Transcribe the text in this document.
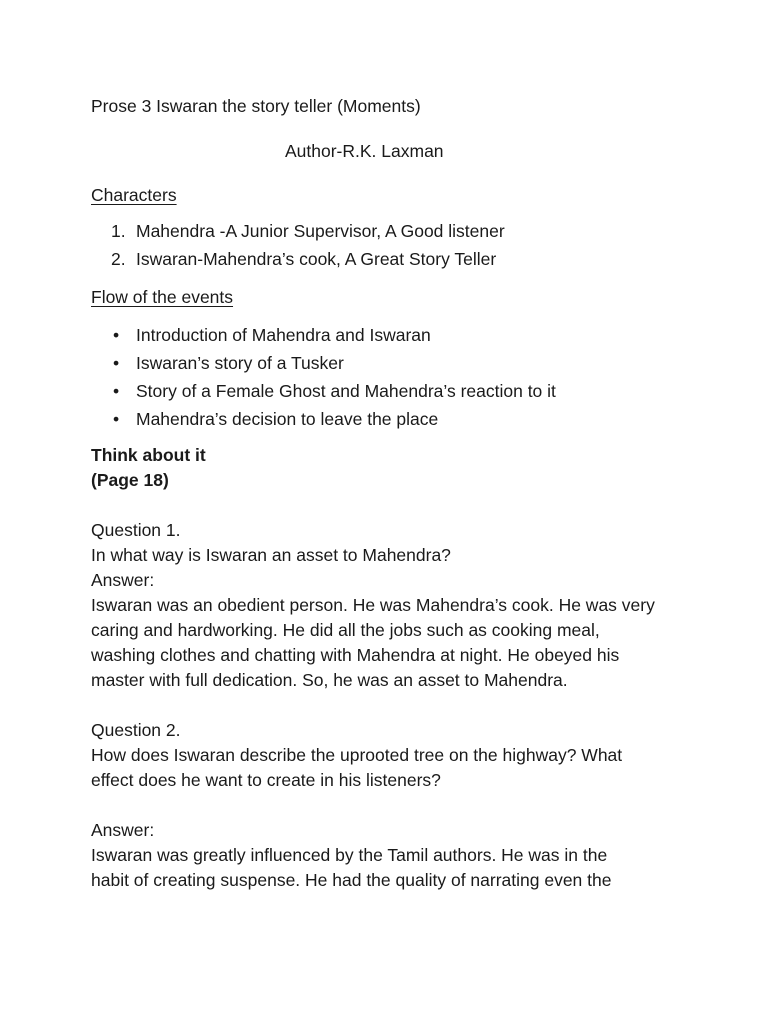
Prose 3 Iswaran the story teller (Moments)

Author-R.K. Laxman

Characters

1. Mahendra -A Junior Supervisor, A Good listener
2. Iswaran-Mahendra’s cook, A Great Story Teller

Flow of the events

• Introduction of Mahendra and Iswaran
• Iswaran’s story of a Tusker
• Story of a Female Ghost and Mahendra’s reaction to it
• Mahendra’s decision to leave the place
Think about it
(Page 18)

Question 1.

In what way is Iswaran an asset to Mahendra?

Answer:

Iswaran was an obedient person. He was Mahendra’s cook. He was very

caring and hardworking. He did all the jobs such as cooking meal,

washing clothes and chatting with Mahendra at night. He obeyed his

master with full dedication. So, he was an asset to Mahendra.

Question 2.

How does Iswaran describe the uprooted tree on the highway? What

effect does he want to create in his listeners?

Answer:

Iswaran was greatly influenced by the Tamil authors. He was in the

habit of creating suspense. He had the quality of narrating even the
